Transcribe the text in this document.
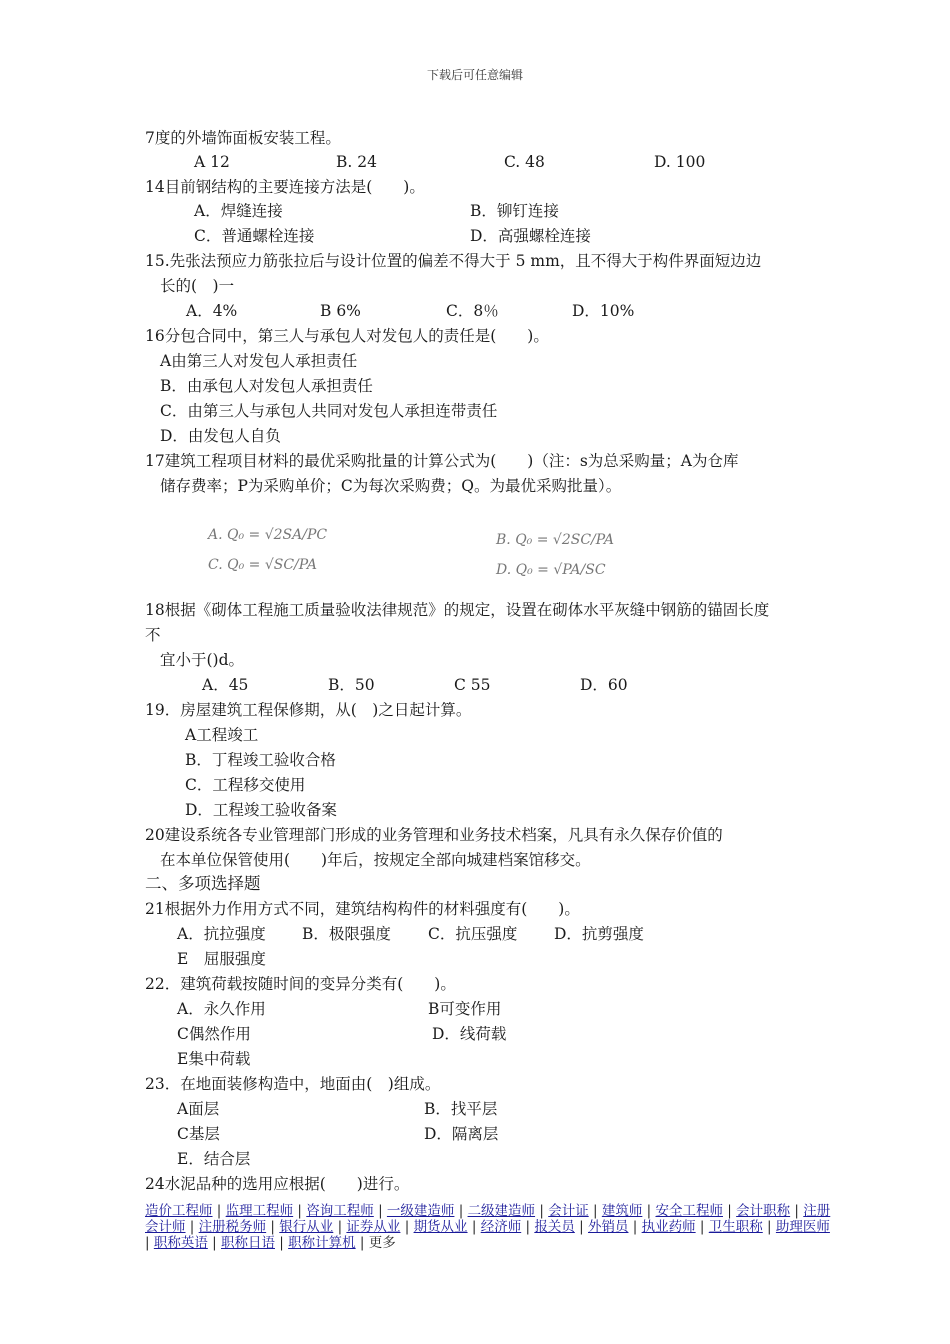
下载后可任意编辑
7度的外墙饰面板安装工程。
A 12	B. 24	C. 48	D. 100
14目前钢结构的主要连接方法是(　　)。
A．焊缝连接	B．铆钉连接
C．普通螺栓连接	D．高强螺栓连接
15.先张法预应力筋张拉后与设计位置的偏差不得大于 5 mm，且不得大于构件界面短边边
长的(　)一
A．4%	B 6%	C．8％	D．10%
16分包合同中，第三人与承包人对发包人的责任是(　　)。
A由第三人对发包人承担责任
B．由承包人对发包人承担责任
C．由第三人与承包人共同对发包人承担连带责任
D．由发包人自负
17建筑工程项目材料的最优采购批量的计算公式为(　　)（注：s为总采购量；A为仓库
储存费率；P为采购单价；C为每次采购费；Q。为最优采购批量）。
A. Q₀ = √2SA/PC	B. Q₀ = √2SC/PA
C. Q₀ = √SC/PA	D. Q₀ = √PA/SC
18根据《砌体工程施工质量验收法律规范》的规定，设置在砌体水平灰缝中钢筋的锚固长度
不
宜小于()d。
A．45	B．50	C 55	D．60
19．房屋建筑工程保修期，从(　)之日起计算。
A工程竣工
B．丁程竣工验收合格
C．工程移交使用
D．工程竣工验收备案
20建设系统各专业管理部门形成的业务管理和业务技术档案，凡具有永久保存价值的
在本单位保管使用(　　)年后，按规定全部向城建档案馆移交。
二、多项选择题
21根据外力作用方式不同，建筑结构构件的材料强度有(　　)。
A．抗拉强度 B．极限强度 C．抗压强度 D．抗剪强度
E　屈服强度
22．建筑荷载按随时间的变异分类有(　　)。
A．永久作用	B可变作用
C偶然作用	D．线荷载
E集中荷载
23．在地面装修构造中，地面由(　)组成。
A面层	B．找平层
C基层	D．隔离层
E．结合层
24水泥品种的选用应根据(　　)进行。
造价工程师 | 监理工程师 | 咨询工程师 | 一级建造师 | 二级建造师 | 会计证 | 建筑师 | 安全工程师 | 会计职称 | 注册会计师 | 注册税务师 | 银行从业 | 证券从业 | 期货从业 | 经济师 | 报关员 | 外销员 | 执业药师 | 卫生职称 | 助理医师 | 职称英语 | 职称日语 | 职称计算机 | 更多
